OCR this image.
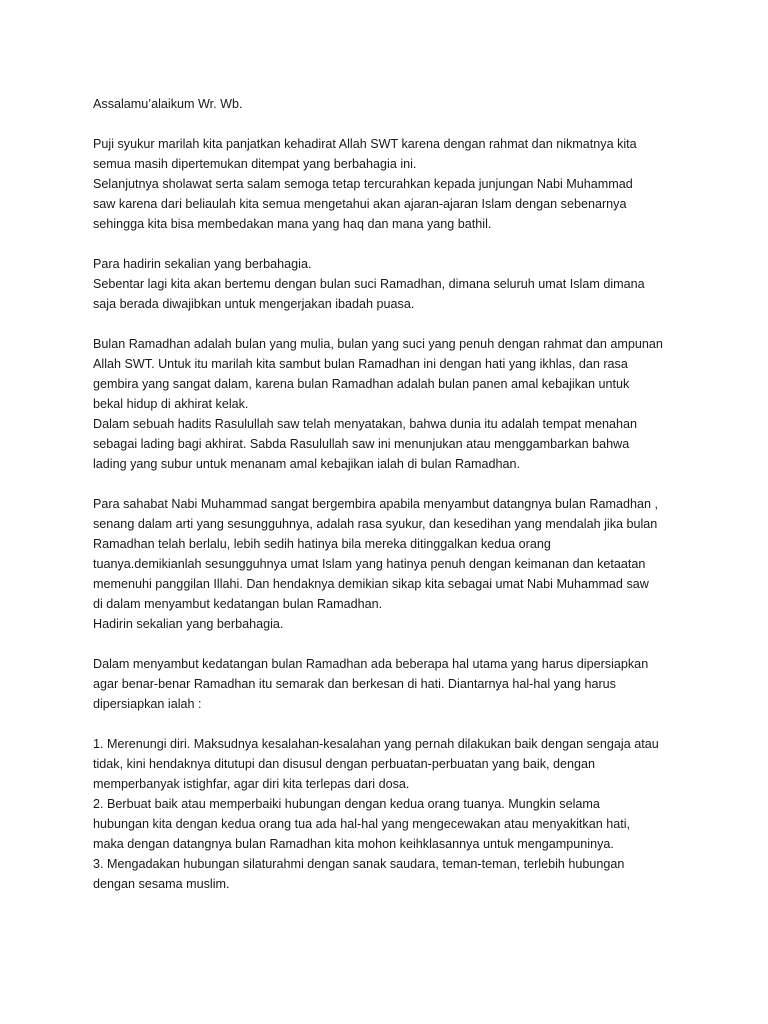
Assalamu’alaikum Wr. Wb.
Puji syukur marilah kita panjatkan kehadirat Allah SWT karena dengan rahmat dan nikmatnya kita
semua masih dipertemukan ditempat yang berbahagia ini.
Selanjutnya sholawat serta salam semoga tetap tercurahkan kepada junjungan Nabi Muhammad
saw karena dari beliaulah kita semua mengetahui akan ajaran-ajaran Islam dengan sebenarnya
sehingga kita bisa membedakan mana yang haq dan mana yang bathil.
Para hadirin sekalian yang berbahagia.
Sebentar lagi kita akan bertemu dengan bulan suci Ramadhan, dimana seluruh umat Islam dimana
saja berada diwajibkan untuk mengerjakan ibadah puasa.
Bulan Ramadhan adalah bulan yang mulia, bulan yang suci yang penuh dengan rahmat dan ampunan
Allah SWT. Untuk itu marilah kita sambut bulan Ramadhan ini dengan hati yang ikhlas, dan rasa
gembira yang sangat dalam, karena bulan Ramadhan adalah bulan panen amal kebajikan untuk
bekal hidup di akhirat kelak.
Dalam sebuah hadits Rasulullah saw telah menyatakan, bahwa dunia itu adalah tempat menahan
sebagai lading bagi akhirat. Sabda Rasulullah saw ini menunjukan atau menggambarkan bahwa
lading yang subur untuk menanam amal kebajikan ialah di bulan Ramadhan.
Para sahabat Nabi Muhammad sangat bergembira apabila menyambut datangnya bulan Ramadhan ,
senang dalam arti yang sesungguhnya, adalah rasa syukur, dan kesedihan yang mendalah jika bulan
Ramadhan telah berlalu, lebih sedih hatinya bila mereka ditinggalkan kedua orang
tuanya.demikianlah sesungguhnya umat Islam yang hatinya penuh dengan keimanan dan ketaatan
memenuhi panggilan Illahi. Dan hendaknya demikian sikap kita sebagai umat Nabi Muhammad saw
di dalam menyambut kedatangan bulan Ramadhan.
Hadirin sekalian yang berbahagia.
Dalam menyambut kedatangan bulan Ramadhan ada beberapa hal utama yang harus dipersiapkan
agar benar-benar Ramadhan itu semarak dan berkesan di hati. Diantarnya hal-hal yang harus
dipersiapkan ialah :
1. Merenungi diri. Maksudnya kesalahan-kesalahan yang pernah dilakukan baik dengan sengaja atau
tidak, kini hendaknya ditutupi dan disusul dengan perbuatan-perbuatan yang baik, dengan
memperbanyak istighfar, agar diri kita terlepas dari dosa.
2. Berbuat baik atau memperbaiki hubungan dengan kedua orang tuanya. Mungkin selama
hubungan kita dengan kedua orang tua ada hal-hal yang mengecewakan atau menyakitkan hati,
maka dengan datangnya bulan Ramadhan kita mohon keihklasannya untuk mengampuninya.
3. Mengadakan hubungan silaturahmi dengan sanak saudara, teman-teman, terlebih hubungan
dengan sesama muslim.
